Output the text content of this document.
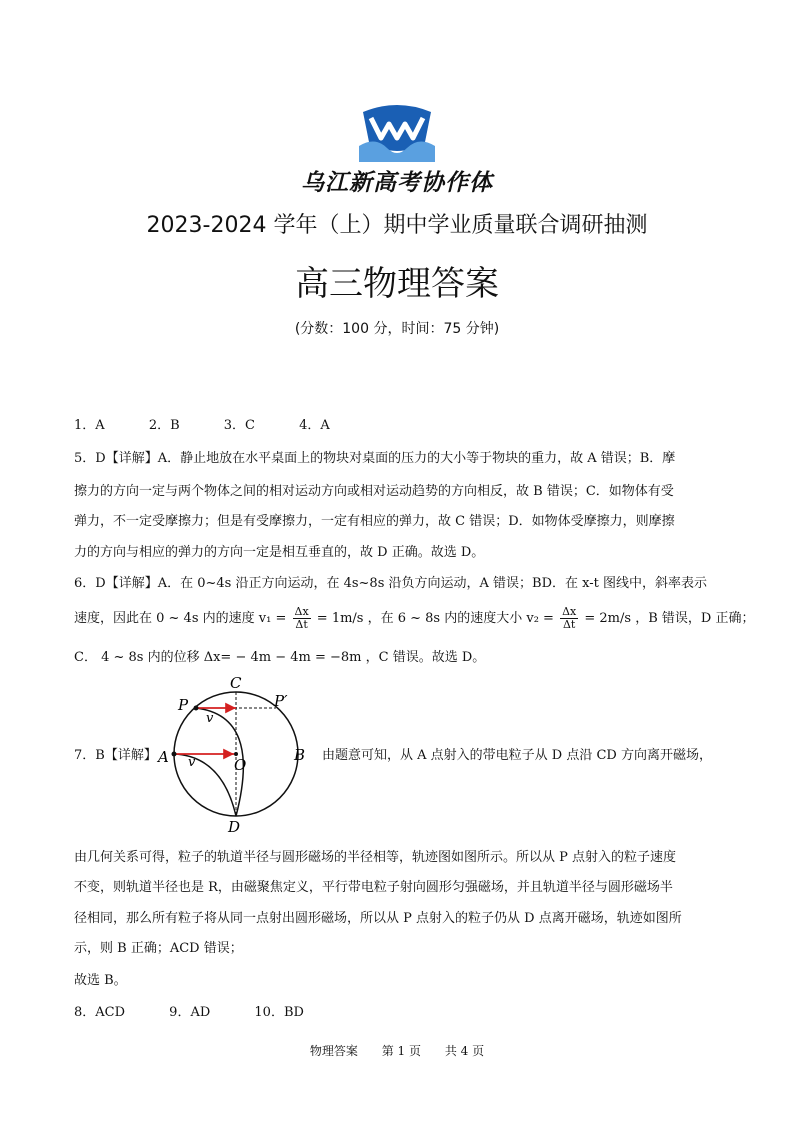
乌江新高考协作体
2023-2024 学年（上）期中学业质量联合调研抽测
高三物理答案
(分数：100 分，时间：75 分钟)
1．A	2．B	3．C	4．A
5．D【详解】A．静止地放在水平桌面上的物块对桌面的压力的大小等于物块的重力，故 A 错误；B．摩
擦力的方向一定与两个物体之间的相对运动方向或相对运动趋势的方向相反，故 B 错误；C．如物体有受
弹力，不一定受摩擦力；但是有受摩擦力，一定有相应的弹力，故 C 错误；D．如物体受摩擦力，则摩擦
力的方向与相应的弹力的方向一定是相互垂直的，故 D 正确。故选 D。
6．D【详解】A．在 0~4s 沿正方向运动，在 4s~8s 沿负方向运动，A 错误；BD．在 x-t 图线中，斜率表示
速度，因此在 0 ~ 4s 内的速度 $v_1 = \frac{\Delta x}{\Delta t} = 1m/s$ ，在 6 ~ 8s 内的速度大小 $v_2 = \frac{\Delta x}{\Delta t} = 2m/s$ ，B 错误，D 正确；
C． 4 ~ 8s 内的位移 Δx= − 4m − 4m = −8m ，C 错误。故选 D。
7．B【详解】	由题意可知，从 A 点射入的带电粒子从 D 点沿 CD 方向离开磁场，
C
P	P′
A	B
O
D
v
v
由几何关系可得，粒子的轨道半径与圆形磁场的半径相等，轨迹图如图所示。所以从 P 点射入的粒子速度
不变，则轨道半径也是 R，由磁聚焦定义，平行带电粒子射向圆形匀强磁场，并且轨道半径与圆形磁场半
径相同，那么所有粒子将从同一点射出圆形磁场，所以从 P 点射入的粒子仍从 D 点离开磁场，轨迹如图所
示，则 B 正确；ACD 错误；
故选 B。
8．ACD	9．AD	10．BD
物理答案 第 1 页 共 4 页
